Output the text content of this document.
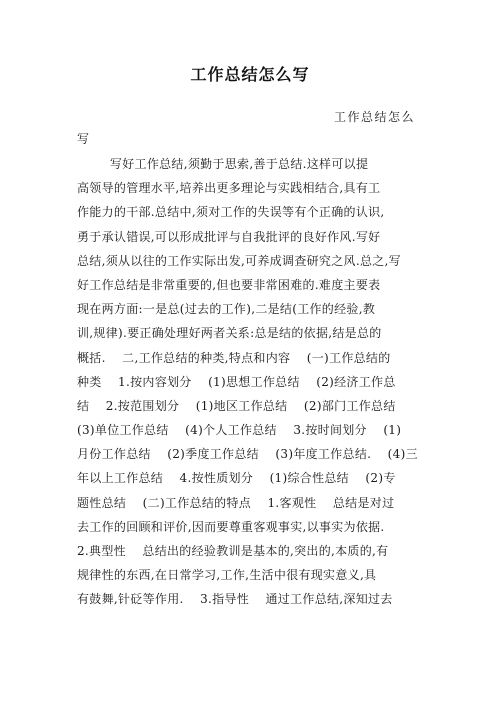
工作总结怎么写
工作总结怎么
写
写好工作总结,须勤于思索,善于总结.这样可以提
高领导的管理水平,培养出更多理论与实践相结合,具有工
作能力的干部.总结中,须对工作的失误等有个正确的认识,
勇于承认错误,可以形成批评与自我批评的良好作风.写好
总结,须从以往的工作实际出发,可养成调查研究之风.总之,写
好工作总结是非常重要的,但也要非常困难的.难度主要表
现在两方面:一是总(过去的工作),二是结(工作的经验,教
训,规律).要正确处理好两者关系:总是结的依据,结是总的
概括.    二,工作总结的种类,特点和内容    (一)工作总结的
种类    1.按内容划分    (1)思想工作总结    (2)经济工作总
结    2.按范围划分    (1)地区工作总结    (2)部门工作总结
(3)单位工作总结    (4)个人工作总结    3.按时间划分    (1)
月份工作总结    (2)季度工作总结    (3)年度工作总结.    (4)三
年以上工作总结    4.按性质划分    (1)综合性总结    (2)专
题性总结    (二)工作总结的特点    1.客观性    总结是对过
去工作的回顾和评价,因而要尊重客观事实,以事实为依据.
2.典型性    总结出的经验教训是基本的,突出的,本质的,有
规律性的东西,在日常学习,工作,生活中很有现实意义,具
有鼓舞,针砭等作用.    3.指导性    通过工作总结,深知过去
